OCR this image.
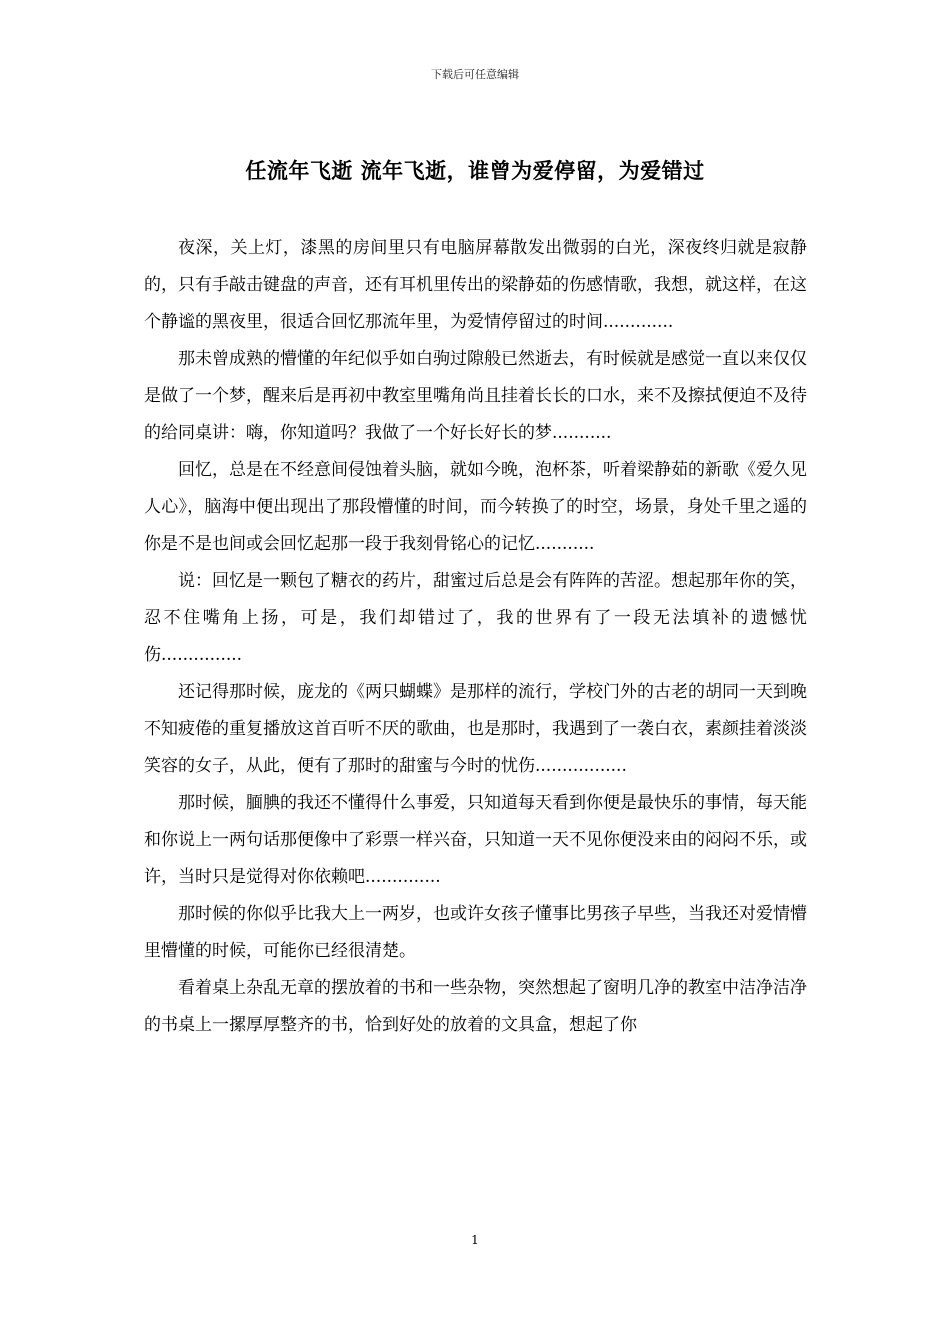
下载后可任意编辑
任流年飞逝 流年飞逝，谁曾为爱停留，为爱错过

夜深，关上灯，漆黑的房间里只有电脑屏幕散发出微弱的白光，深夜终归就是寂静的，只有手敲击键盘的声音，还有耳机里传出的梁静茹的伤感情歌，我想，就这样，在这个静谧的黑夜里，很适合回忆那流年里，为爱情停留过的时间.............

那未曾成熟的懵懂的年纪似乎如白驹过隙般已然逝去，有时候就是感觉一直以来仅仅是做了一个梦，醒来后是再初中教室里嘴角尚且挂着长长的口水，来不及擦拭便迫不及待的给同桌讲：嗨，你知道吗？我做了一个好长好长的梦...........

回忆，总是在不经意间侵蚀着头脑，就如今晚，泡杯茶，听着梁静茹的新歌《爱久见人心》，脑海中便出现出了那段懵懂的时间，而今转换了的时空，场景，身处千里之遥的你是不是也间或会回忆起那一段于我刻骨铭心的记忆...........

说：回忆是一颗包了糖衣的药片，甜蜜过后总是会有阵阵的苦涩。想起那年你的笑，忍不住嘴角上扬，可是，我们却错过了，我的世界有了一段无法填补的遗憾忧伤...............

还记得那时候，庞龙的《两只蝴蝶》是那样的流行，学校门外的古老的胡同一天到晚不知疲倦的重复播放这首百听不厌的歌曲，也是那时，我遇到了一袭白衣，素颜挂着淡淡笑容的女子，从此，便有了那时的甜蜜与今时的忧伤.................

那时候，腼腆的我还不懂得什么事爱，只知道每天看到你便是最快乐的事情，每天能和你说上一两句话那便像中了彩票一样兴奋，只知道一天不见你便没来由的闷闷不乐，或许，当时只是觉得对你依赖吧..............

那时候的你似乎比我大上一两岁，也或许女孩子懂事比男孩子早些，当我还对爱情懵里懵懂的时候，可能你已经很清楚。

看着桌上杂乱无章的摆放着的书和一些杂物，突然想起了窗明几净的教室中洁净洁净的书桌上一摞厚厚整齐的书，恰到好处的放着的文具盒，想起了你

1
